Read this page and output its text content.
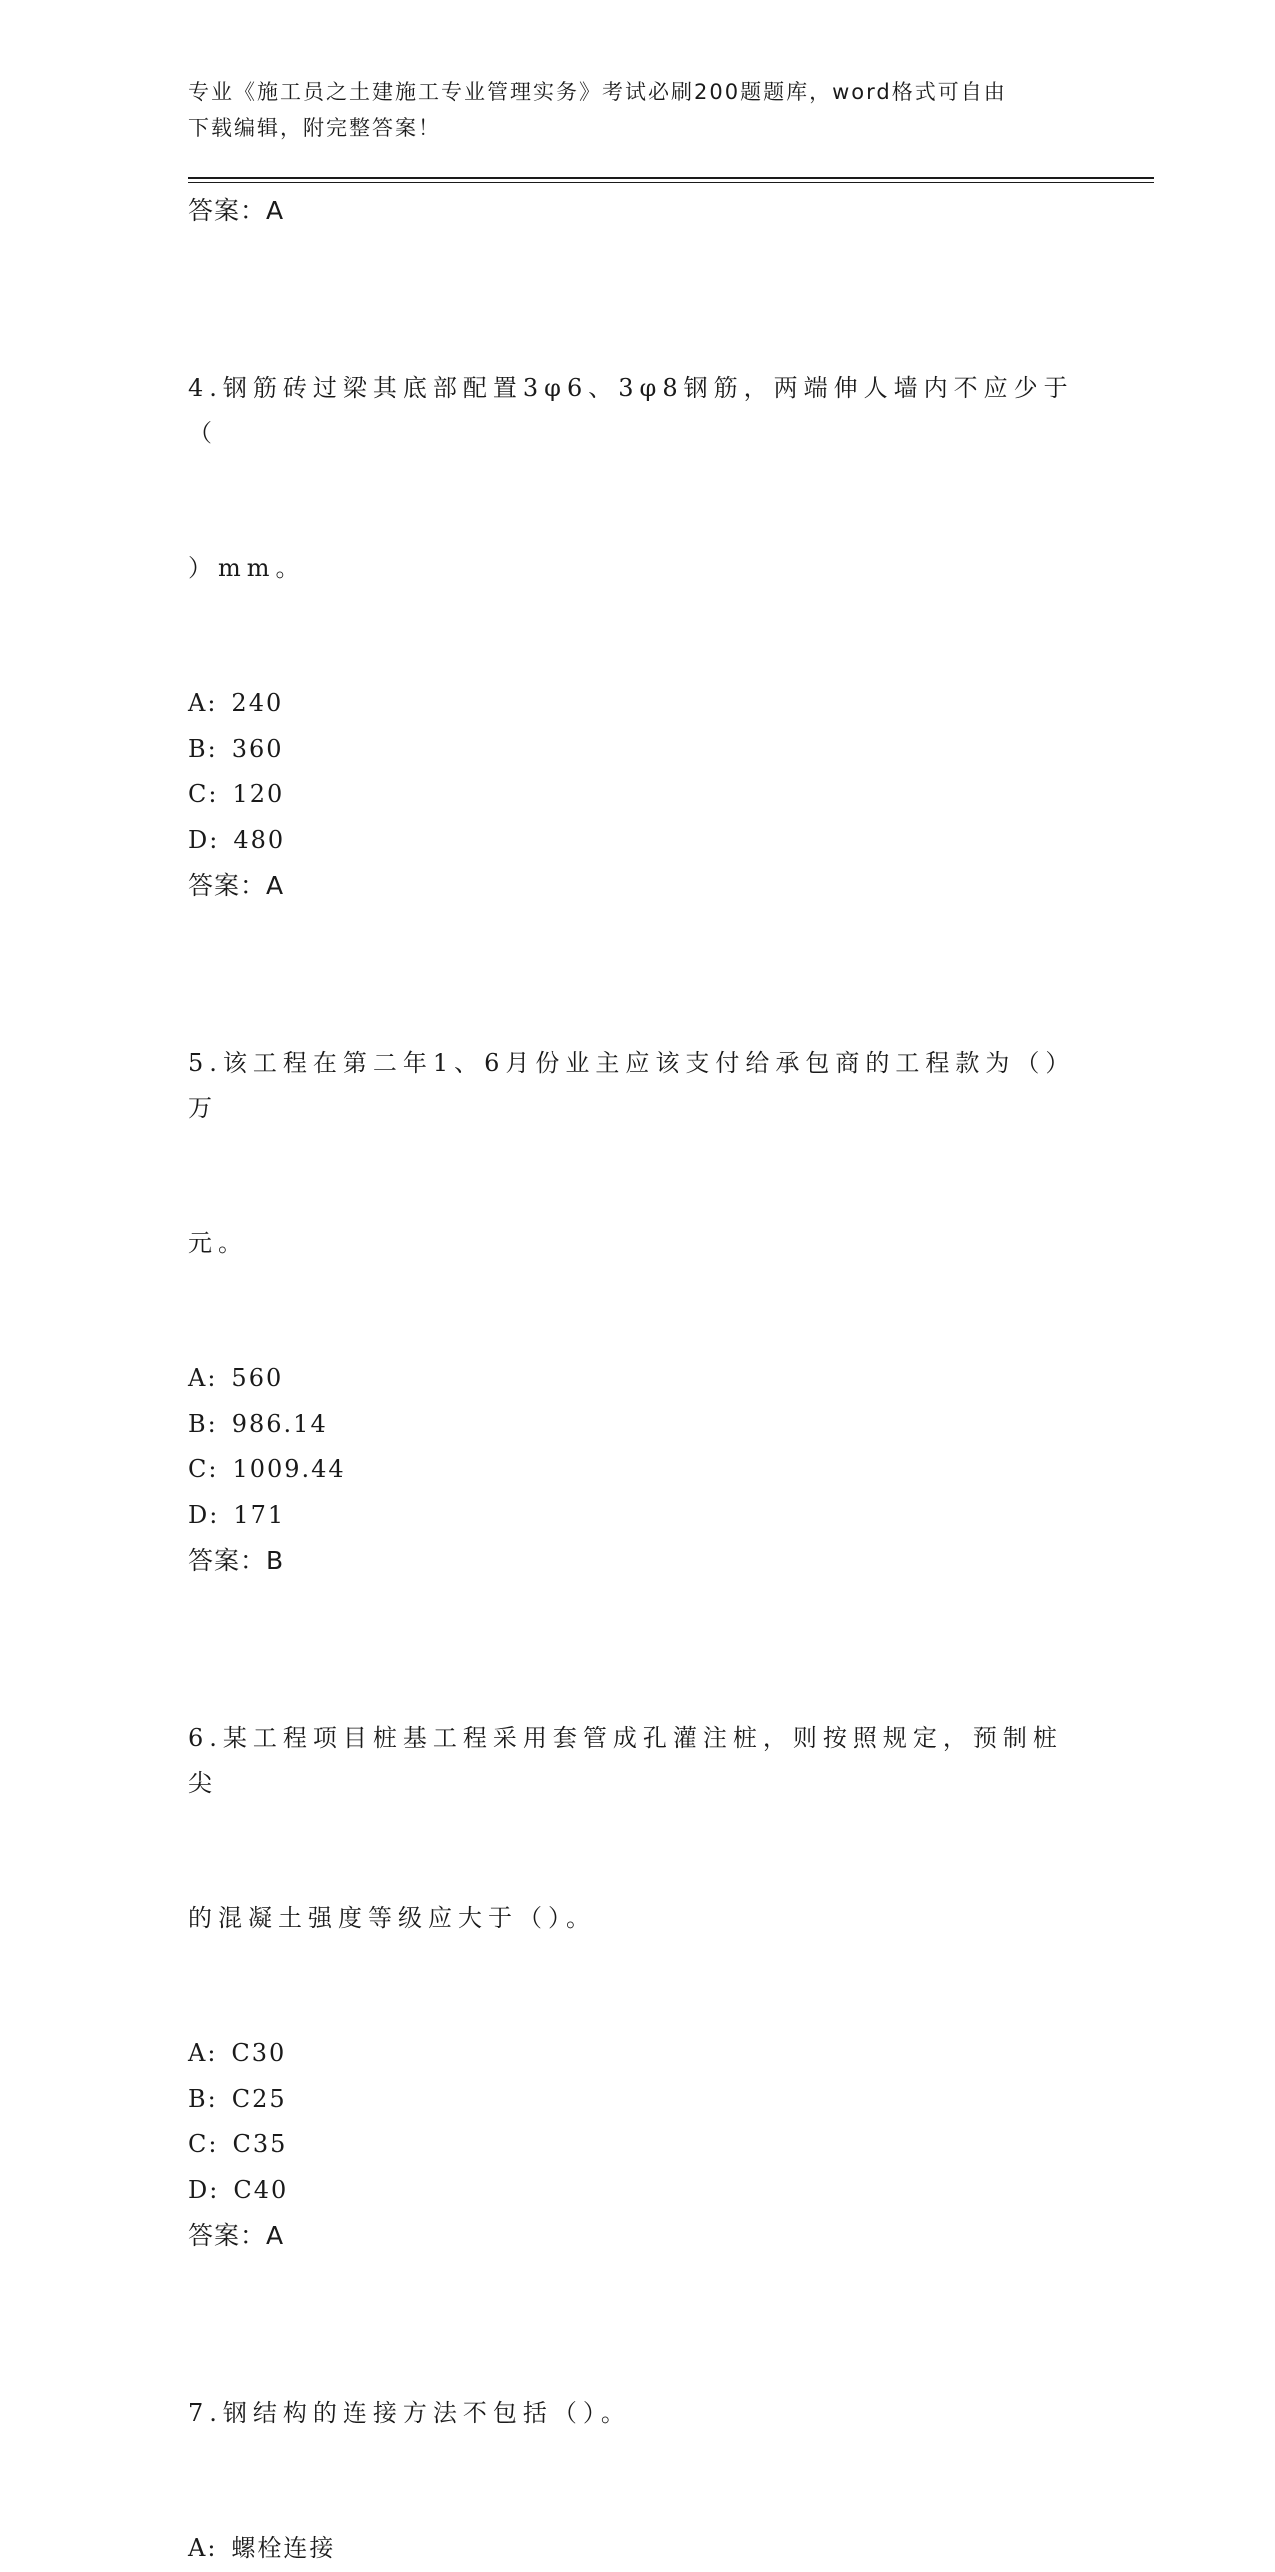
专业《施工员之土建施工专业管理实务》考试必刷200题题库，word格式可自由
下载编辑，附完整答案！
答案：A

4.钢筋砖过梁其底部配置3φ6、3φ8钢筋，两端伸人墙内不应少于（

）mm。

A: 240
B: 360
C: 120
D: 480
答案：A

5.该工程在第二年1、6月份业主应该支付给承包商的工程款为（）万

元。

A: 560
B: 986.14
C: 1009.44
D: 171
答案：B

6.某工程项目桩基工程采用套管成孔灌注桩，则按照规定，预制桩尖

的混凝土强度等级应大于（）。

A: C30
B: C25
C: C35
D: C40
答案：A

7.钢结构的连接方法不包括（）。

A: 螺栓连接
